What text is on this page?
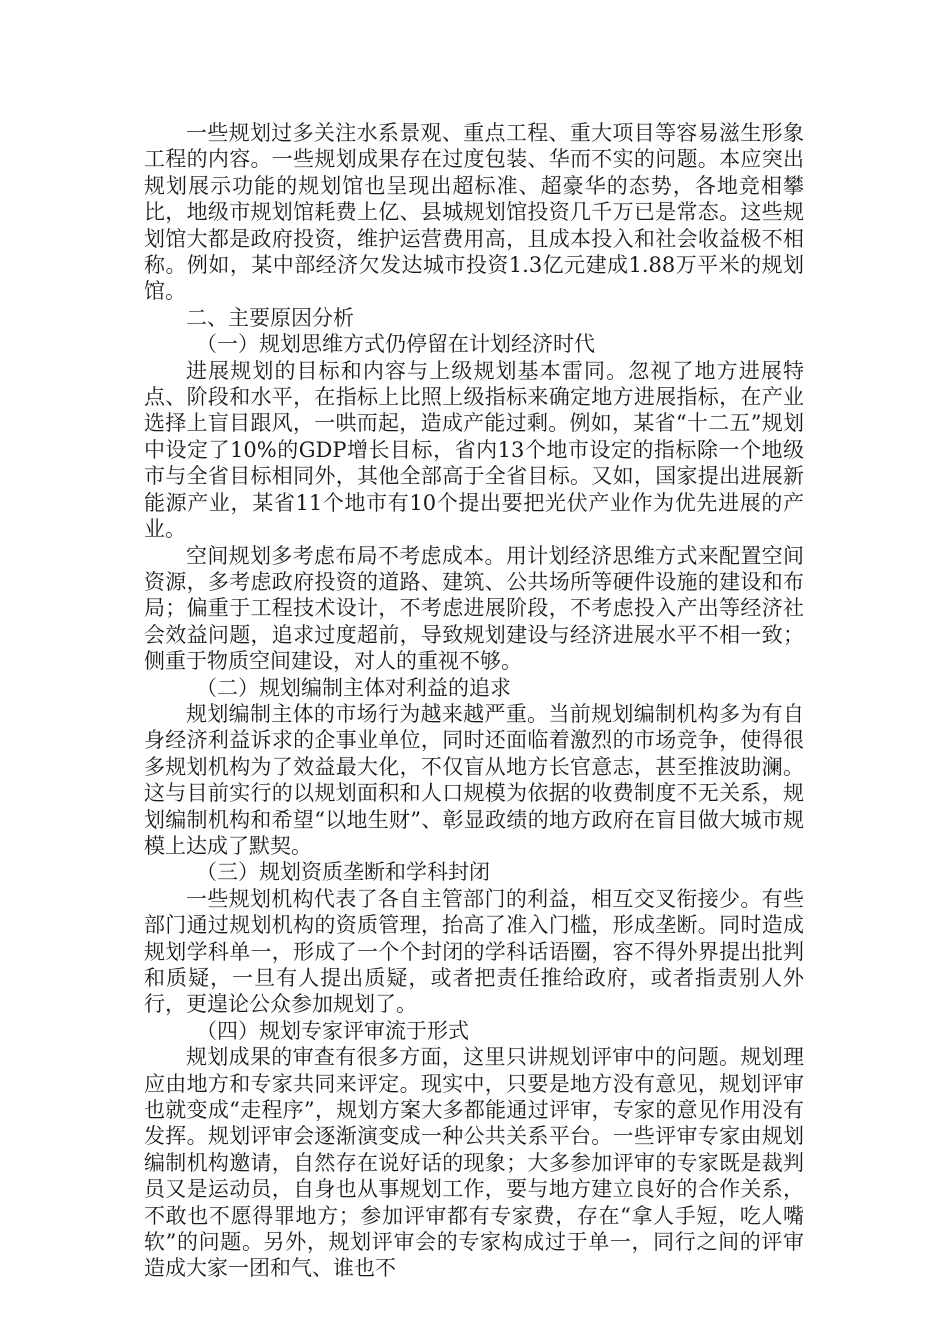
一些规划过多关注水系景观、重点工程、重大项目等容易滋生形象工程的内容。一些规划成果存在过度包装、华而不实的问题。本应突出规划展示功能的规划馆也呈现出超标准、超豪华的态势，各地竞相攀比，地级市规划馆耗费上亿、县城规划馆投资几千万已是常态。这些规划馆大都是政府投资，维护运营费用高，且成本投入和社会收益极不相称。例如，某中部经济欠发达城市投资1.3亿元建成1.88万平米的规划馆。

二、主要原因分析

（一）规划思维方式仍停留在计划经济时代

进展规划的目标和内容与上级规划基本雷同。忽视了地方进展特点、阶段和水平，在指标上比照上级指标来确定地方进展指标，在产业选择上盲目跟风，一哄而起，造成产能过剩。例如，某省“十二五”规划中设定了10%的GDP增长目标，省内13个地市设定的指标除一个地级市与全省目标相同外，其他全部高于全省目标。又如，国家提出进展新能源产业，某省11个地市有10个提出要把光伏产业作为优先进展的产业。

空间规划多考虑布局不考虑成本。用计划经济思维方式来配置空间资源，多考虑政府投资的道路、建筑、公共场所等硬件设施的建设和布局；偏重于工程技术设计，不考虑进展阶段，不考虑投入产出等经济社会效益问题，追求过度超前，导致规划建设与经济进展水平不相一致；侧重于物质空间建设，对人的重视不够。

（二）规划编制主体对利益的追求

规划编制主体的市场行为越来越严重。当前规划编制机构多为有自身经济利益诉求的企事业单位，同时还面临着激烈的市场竞争，使得很多规划机构为了效益最大化，不仅盲从地方长官意志，甚至推波助澜。这与目前实行的以规划面积和人口规模为依据的收费制度不无关系，规划编制机构和希望“以地生财”、彰显政绩的地方政府在盲目做大城市规模上达成了默契。

（三）规划资质垄断和学科封闭

一些规划机构代表了各自主管部门的利益，相互交叉衔接少。有些部门通过规划机构的资质管理，抬高了准入门槛，形成垄断。同时造成规划学科单一，形成了一个个封闭的学科话语圈，容不得外界提出批判和质疑，一旦有人提出质疑，或者把责任推给政府，或者指责别人外行，更遑论公众参加规划了。

（四）规划专家评审流于形式

规划成果的审查有很多方面，这里只讲规划评审中的问题。规划理应由地方和专家共同来评定。现实中，只要是地方没有意见，规划评审也就变成“走程序”，规划方案大多都能通过评审，专家的意见作用没有发挥。规划评审会逐渐演变成一种公共关系平台。一些评审专家由规划编制机构邀请，自然存在说好话的现象；大多参加评审的专家既是裁判员又是运动员，自身也从事规划工作，要与地方建立良好的合作关系，不敢也不愿得罪地方；参加评审都有专家费，存在“拿人手短，吃人嘴软”的问题。另外，规划评审会的专家构成过于单一，同行之间的评审造成大家一团和气、谁也不
